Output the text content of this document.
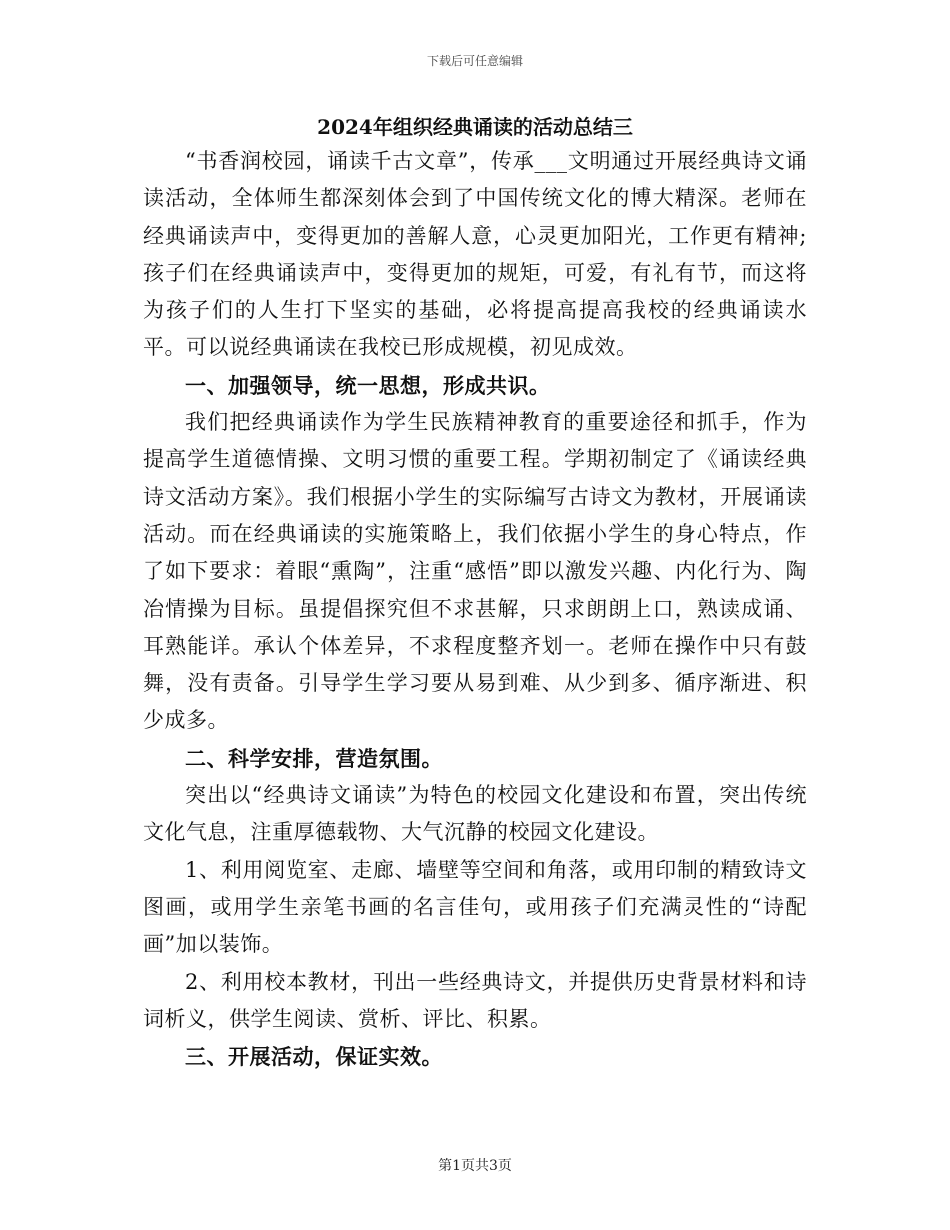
下载后可任意编辑
2024年组织经典诵读的活动总结三

“书香润校园，诵读千古文章”，传承___文明通过开展经典诗文诵读活动，全体师生都深刻体会到了中国传统文化的博大精深。老师在经典诵读声中，变得更加的善解人意，心灵更加阳光，工作更有精神;孩子们在经典诵读声中，变得更加的规矩，可爱，有礼有节，而这将为孩子们的人生打下坚实的基础，必将提高提高我校的经典诵读水平。可以说经典诵读在我校已形成规模，初见成效。

一、加强领导，统一思想，形成共识。

我们把经典诵读作为学生民族精神教育的重要途径和抓手，作为提高学生道德情操、文明习惯的重要工程。学期初制定了《诵读经典诗文活动方案》。我们根据小学生的实际编写古诗文为教材，开展诵读活动。而在经典诵读的实施策略上，我们依据小学生的身心特点，作了如下要求：着眼“熏陶”，注重“感悟”即以激发兴趣、内化行为、陶冶情操为目标。虽提倡探究但不求甚解，只求朗朗上口，熟读成诵、耳熟能详。承认个体差异，不求程度整齐划一。老师在操作中只有鼓舞，没有责备。引导学生学习要从易到难、从少到多、循序渐进、积少成多。

二、科学安排，营造氛围。

突出以“经典诗文诵读”为特色的校园文化建设和布置，突出传统文化气息，注重厚德载物、大气沉静的校园文化建设。

1、利用阅览室、走廊、墙壁等空间和角落，或用印制的精致诗文图画，或用学生亲笔书画的名言佳句，或用孩子们充满灵性的“诗配画”加以装饰。

2、利用校本教材，刊出一些经典诗文，并提供历史背景材料和诗词析义，供学生阅读、赏析、评比、积累。

三、开展活动，保证实效。

第1页共3页
